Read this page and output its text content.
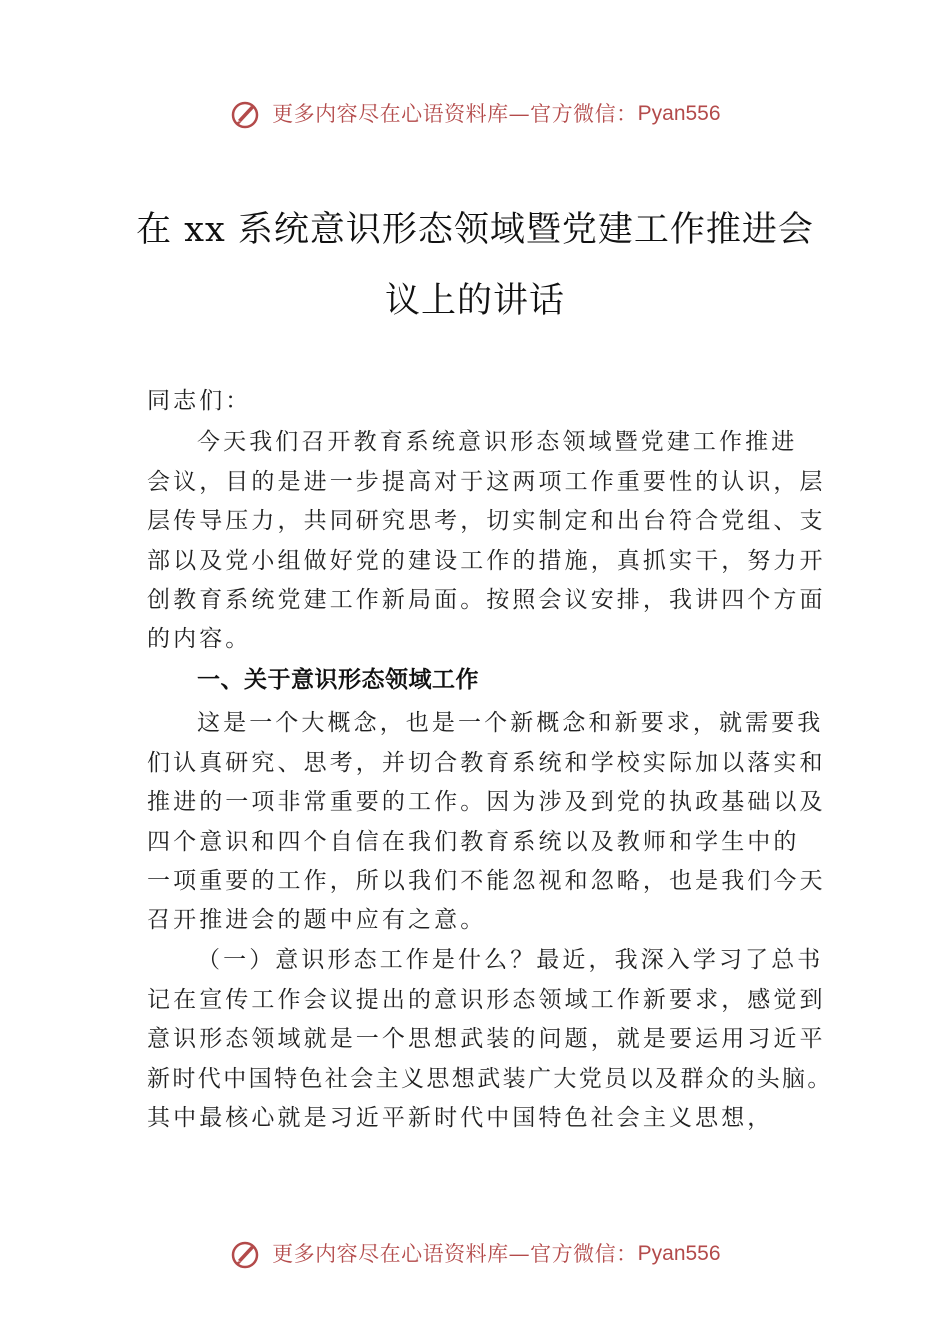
更多内容尽在心语资料库—官方微信：Pyan556
在 xx 系统意识形态领域暨党建工作推进会
议上的讲话
同志们：
今天我们召开教育系统意识形态领域暨党建工作推进
会议，目的是进一步提高对于这两项工作重要性的认识，层
层传导压力，共同研究思考，切实制定和出台符合党组、支
部以及党小组做好党的建设工作的措施，真抓实干，努力开
创教育系统党建工作新局面。按照会议安排，我讲四个方面
的内容。
一、关于意识形态领域工作
这是一个大概念，也是一个新概念和新要求，就需要我
们认真研究、思考，并切合教育系统和学校实际加以落实和
推进的一项非常重要的工作。因为涉及到党的执政基础以及
四个意识和四个自信在我们教育系统以及教师和学生中的
一项重要的工作，所以我们不能忽视和忽略，也是我们今天
召开推进会的题中应有之意。
（一）意识形态工作是什么？最近，我深入学习了总书
记在宣传工作会议提出的意识形态领域工作新要求，感觉到
意识形态领域就是一个思想武装的问题，就是要运用习近平
新时代中国特色社会主义思想武装广大党员以及群众的头脑。
其中最核心就是习近平新时代中国特色社会主义思想，
更多内容尽在心语资料库—官方微信：Pyan556
